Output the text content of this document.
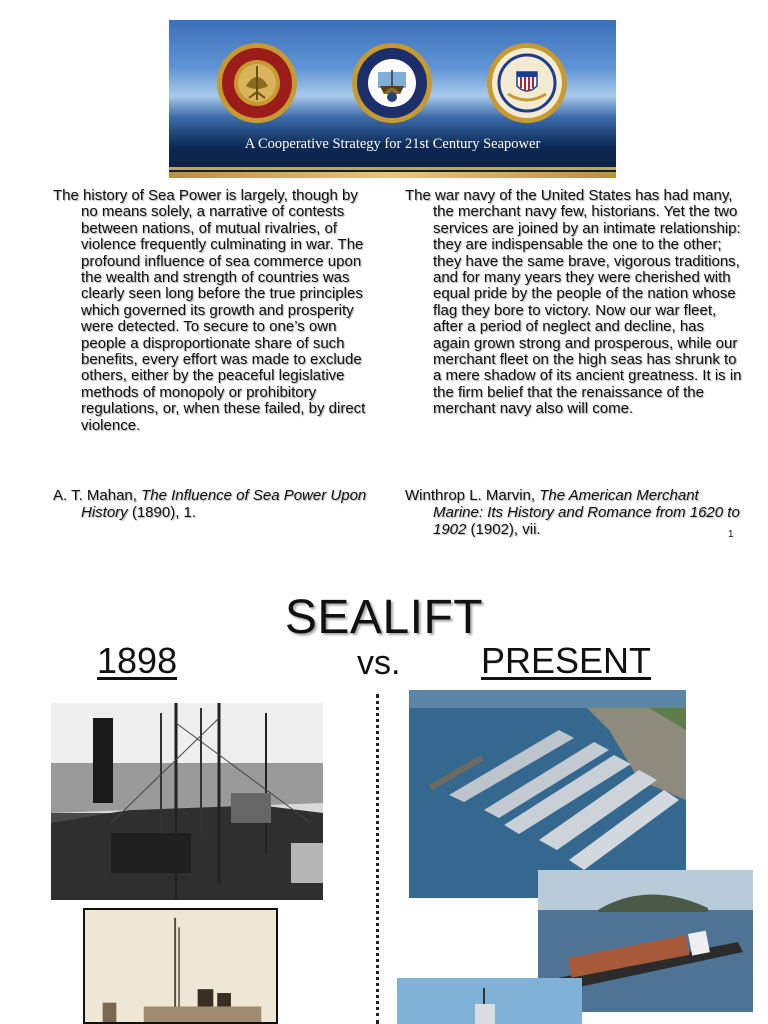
A Cooperative Strategy for 21st Century Seapower

The history of Sea Power is largely, though by no means solely, a narrative of contests between nations, of mutual rivalries, of violence frequently culminating in war. The profound influence of sea commerce upon the wealth and strength of countries was clearly seen long before the true principles which governed its growth and prosperity were detected. To secure to one’s own people a disproportionate share of such benefits, every effort was made to exclude others, either by the peaceful legislative methods of monopoly or prohibitory regulations, or, when these failed, by direct violence.

The war navy of the United States has had many, the merchant navy few, historians. Yet the two services are joined by an intimate relationship: they are indispensable the one to the other; they have the same brave, vigorous traditions, and for many years they were cherished with equal pride by the people of the nation whose flag they bore to victory. Now our war fleet, after a period of neglect and decline, has again grown strong and prosperous, while our merchant fleet on the high seas has shrunk to a mere shadow of its ancient greatness. It is in the firm belief that the renaissance of the merchant navy also will come.

A. T. Mahan, The Influence of Sea Power Upon History (1890), 1.

Winthrop L. Marvin, The American Merchant Marine: Its History and Romance from 1620 to 1902 (1902), vii.	1
SEALIFT
1898	vs. PRESENT
